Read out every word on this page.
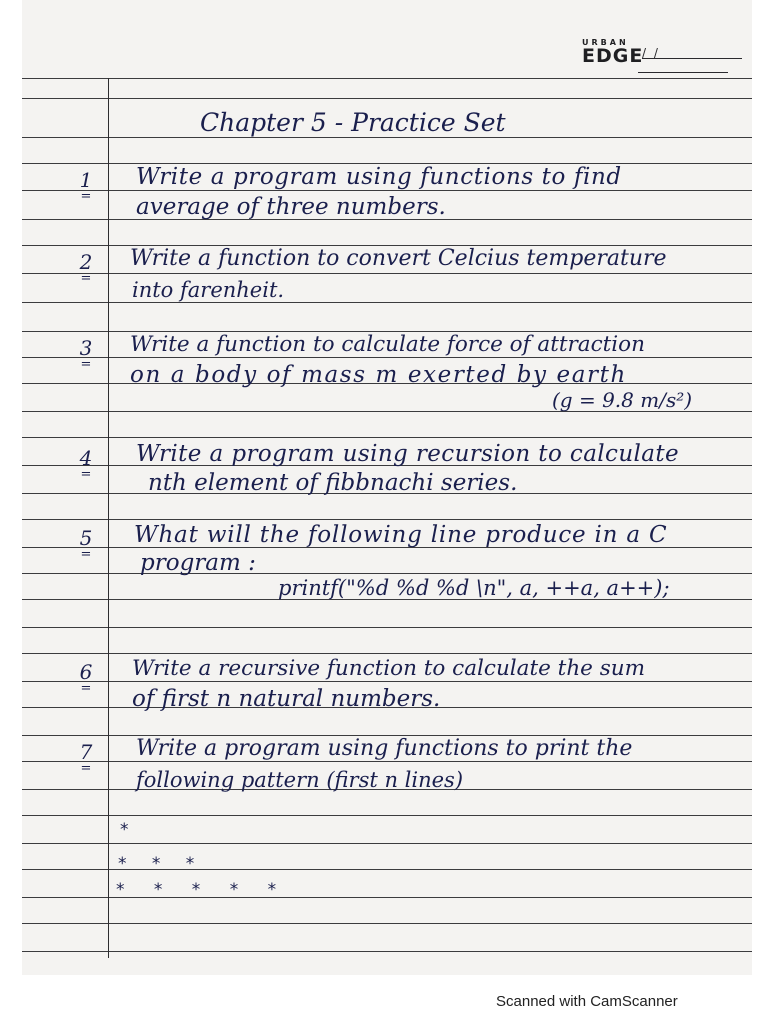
URBAN
EDGE
/ /
Chapter 5 - Practice Set
1
=
Write a program using functions to find
average of three numbers.
2
=
Write a function to convert Celcius temperature
into farenheit.
3
=
Write a function to calculate force of attraction
on a body of mass m exerted by earth
(g = 9.8 m/s²)
4
=
Write a program using recursion to calculate
nth element of fibbnachi series.
5
=
What will the following line produce in a C
program :
printf("%d %d %d \n", a, ++a, a++);
6
=
Write a recursive function to calculate the sum
of first n natural numbers.
7
=
Write a program using functions to print the
following pattern (first n lines)
*
* * *
* * * * *
Scanned with CamScanner
